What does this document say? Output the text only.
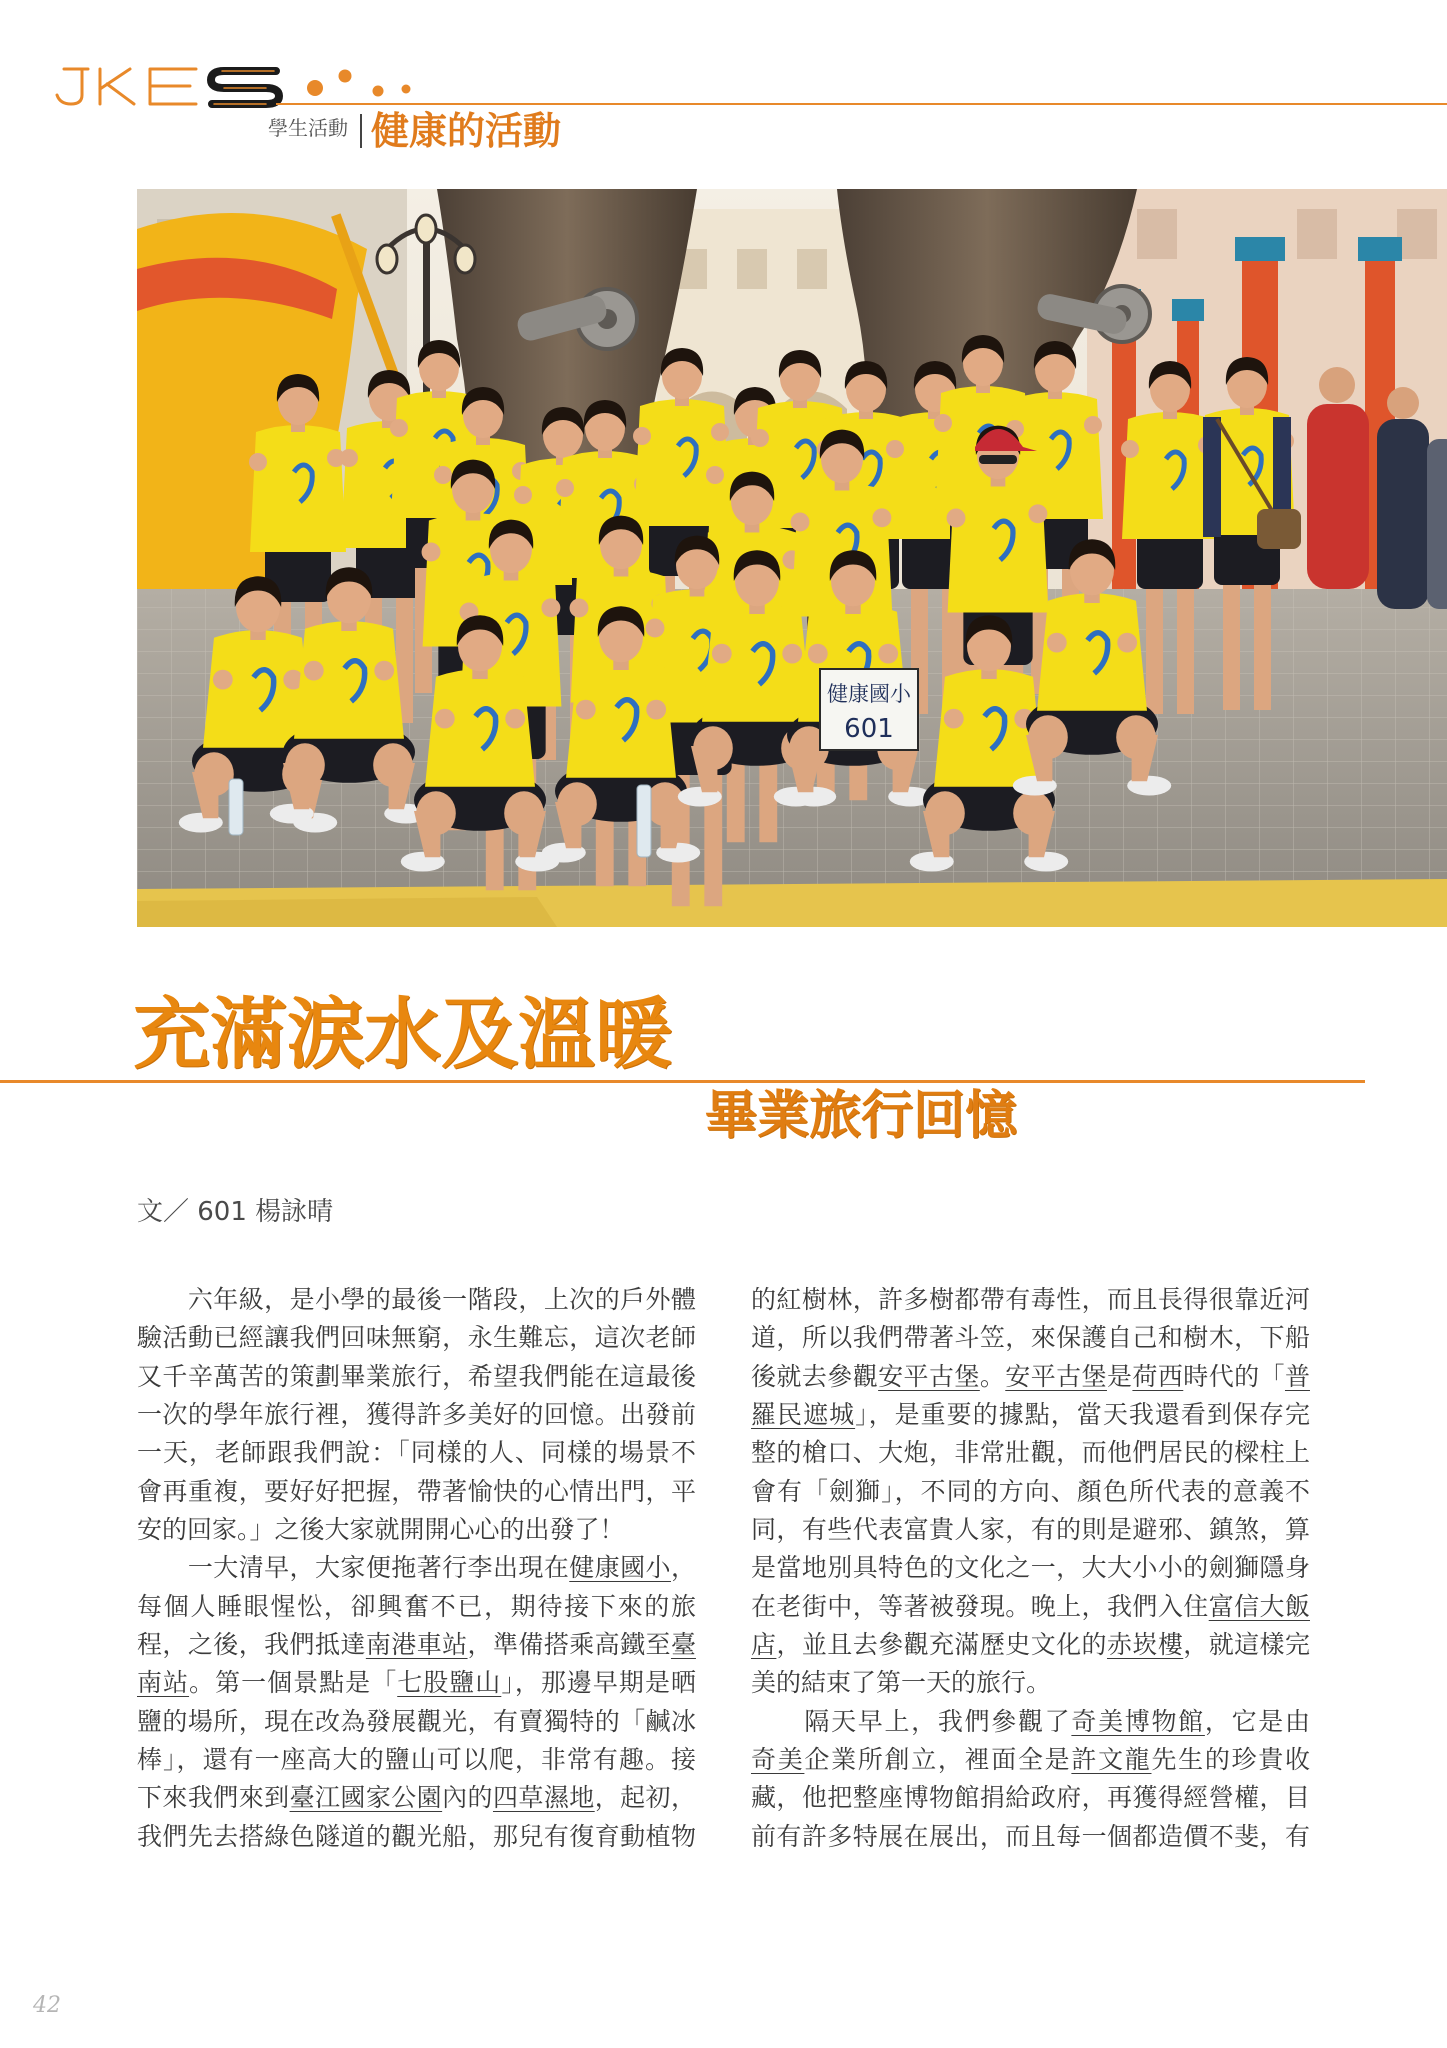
學生活動 健康的活動
健康國小
601
充滿淚水及溫暖
畢業旅行回憶
文／ 601 楊詠晴
　　六年級，是小學的最後一階段，上次的戶外體
驗活動已經讓我們回味無窮，永生難忘，這次老師
又千辛萬苦的策劃畢業旅行，希望我們能在這最後
一次的學年旅行裡，獲得許多美好的回憶。出發前
一天，老師跟我們說：「同樣的人、同樣的場景不
會再重複，要好好把握，帶著愉快的心情出門，平
安的回家。」之後大家就開開心心的出發了！
　　一大清早，大家便拖著行李出現在健康國小，
每個人睡眼惺忪，卻興奮不已，期待接下來的旅
程，之後，我們抵達南港車站，準備搭乘高鐵至臺
南站。第一個景點是「七股鹽山」，那邊早期是晒
鹽的場所，現在改為發展觀光，有賣獨特的「鹹冰
棒」，還有一座高大的鹽山可以爬，非常有趣。接
下來我們來到臺江國家公園內的四草濕地，起初，
我們先去搭綠色隧道的觀光船，那兒有復育動植物
的紅樹林，許多樹都帶有毒性，而且長得很靠近河
道，所以我們帶著斗笠，來保護自己和樹木，下船
後就去參觀安平古堡。安平古堡是荷西時代的「普
羅民遮城」，是重要的據點，當天我還看到保存完
整的槍口、大炮，非常壯觀，而他們居民的樑柱上
會有「劍獅」，不同的方向、顏色所代表的意義不
同，有些代表富貴人家，有的則是避邪、鎮煞，算
是當地別具特色的文化之一，大大小小的劍獅隱身
在老街中，等著被發現。晚上，我們入住富信大飯
店，並且去參觀充滿歷史文化的赤崁樓，就這樣完
美的結束了第一天的旅行。
　　隔天早上，我們參觀了奇美博物館，它是由
奇美企業所創立，裡面全是許文龍先生的珍貴收
藏，他把整座博物館捐給政府，再獲得經營權，目
前有許多特展在展出，而且每一個都造價不斐，有
42
